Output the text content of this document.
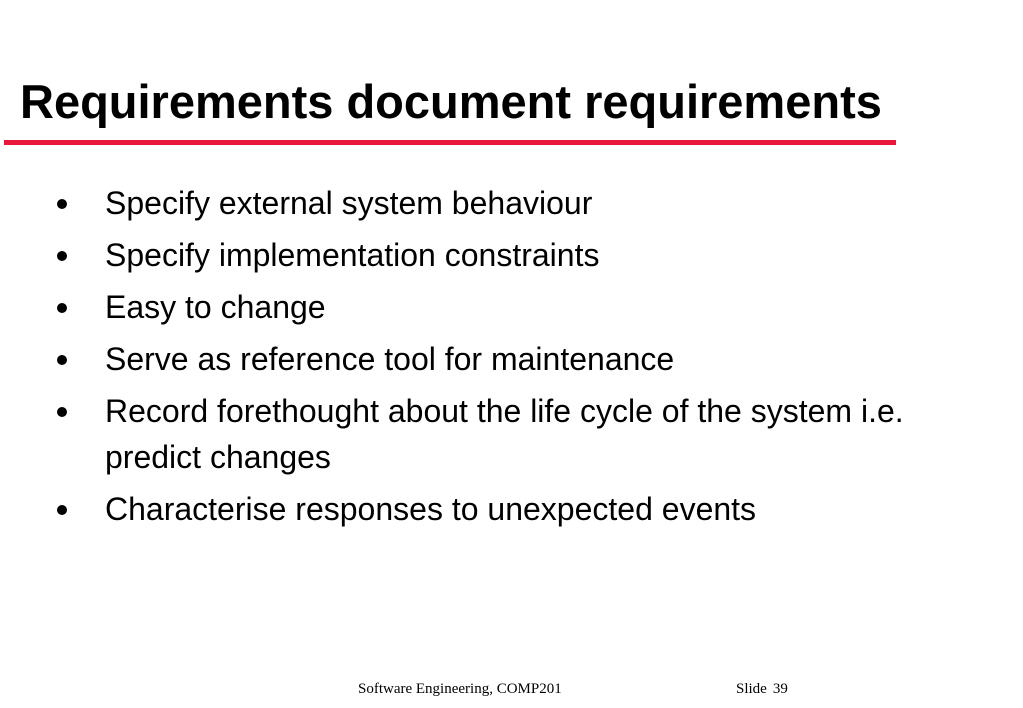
Requirements document requirements
Specify external system behaviour
Specify implementation constraints
Easy to change
Serve as reference tool for maintenance
Record forethought about the life cycle of the system i.e. predict changes
Characterise responses to unexpected events
Software Engineering, COMP201	Slide 39
